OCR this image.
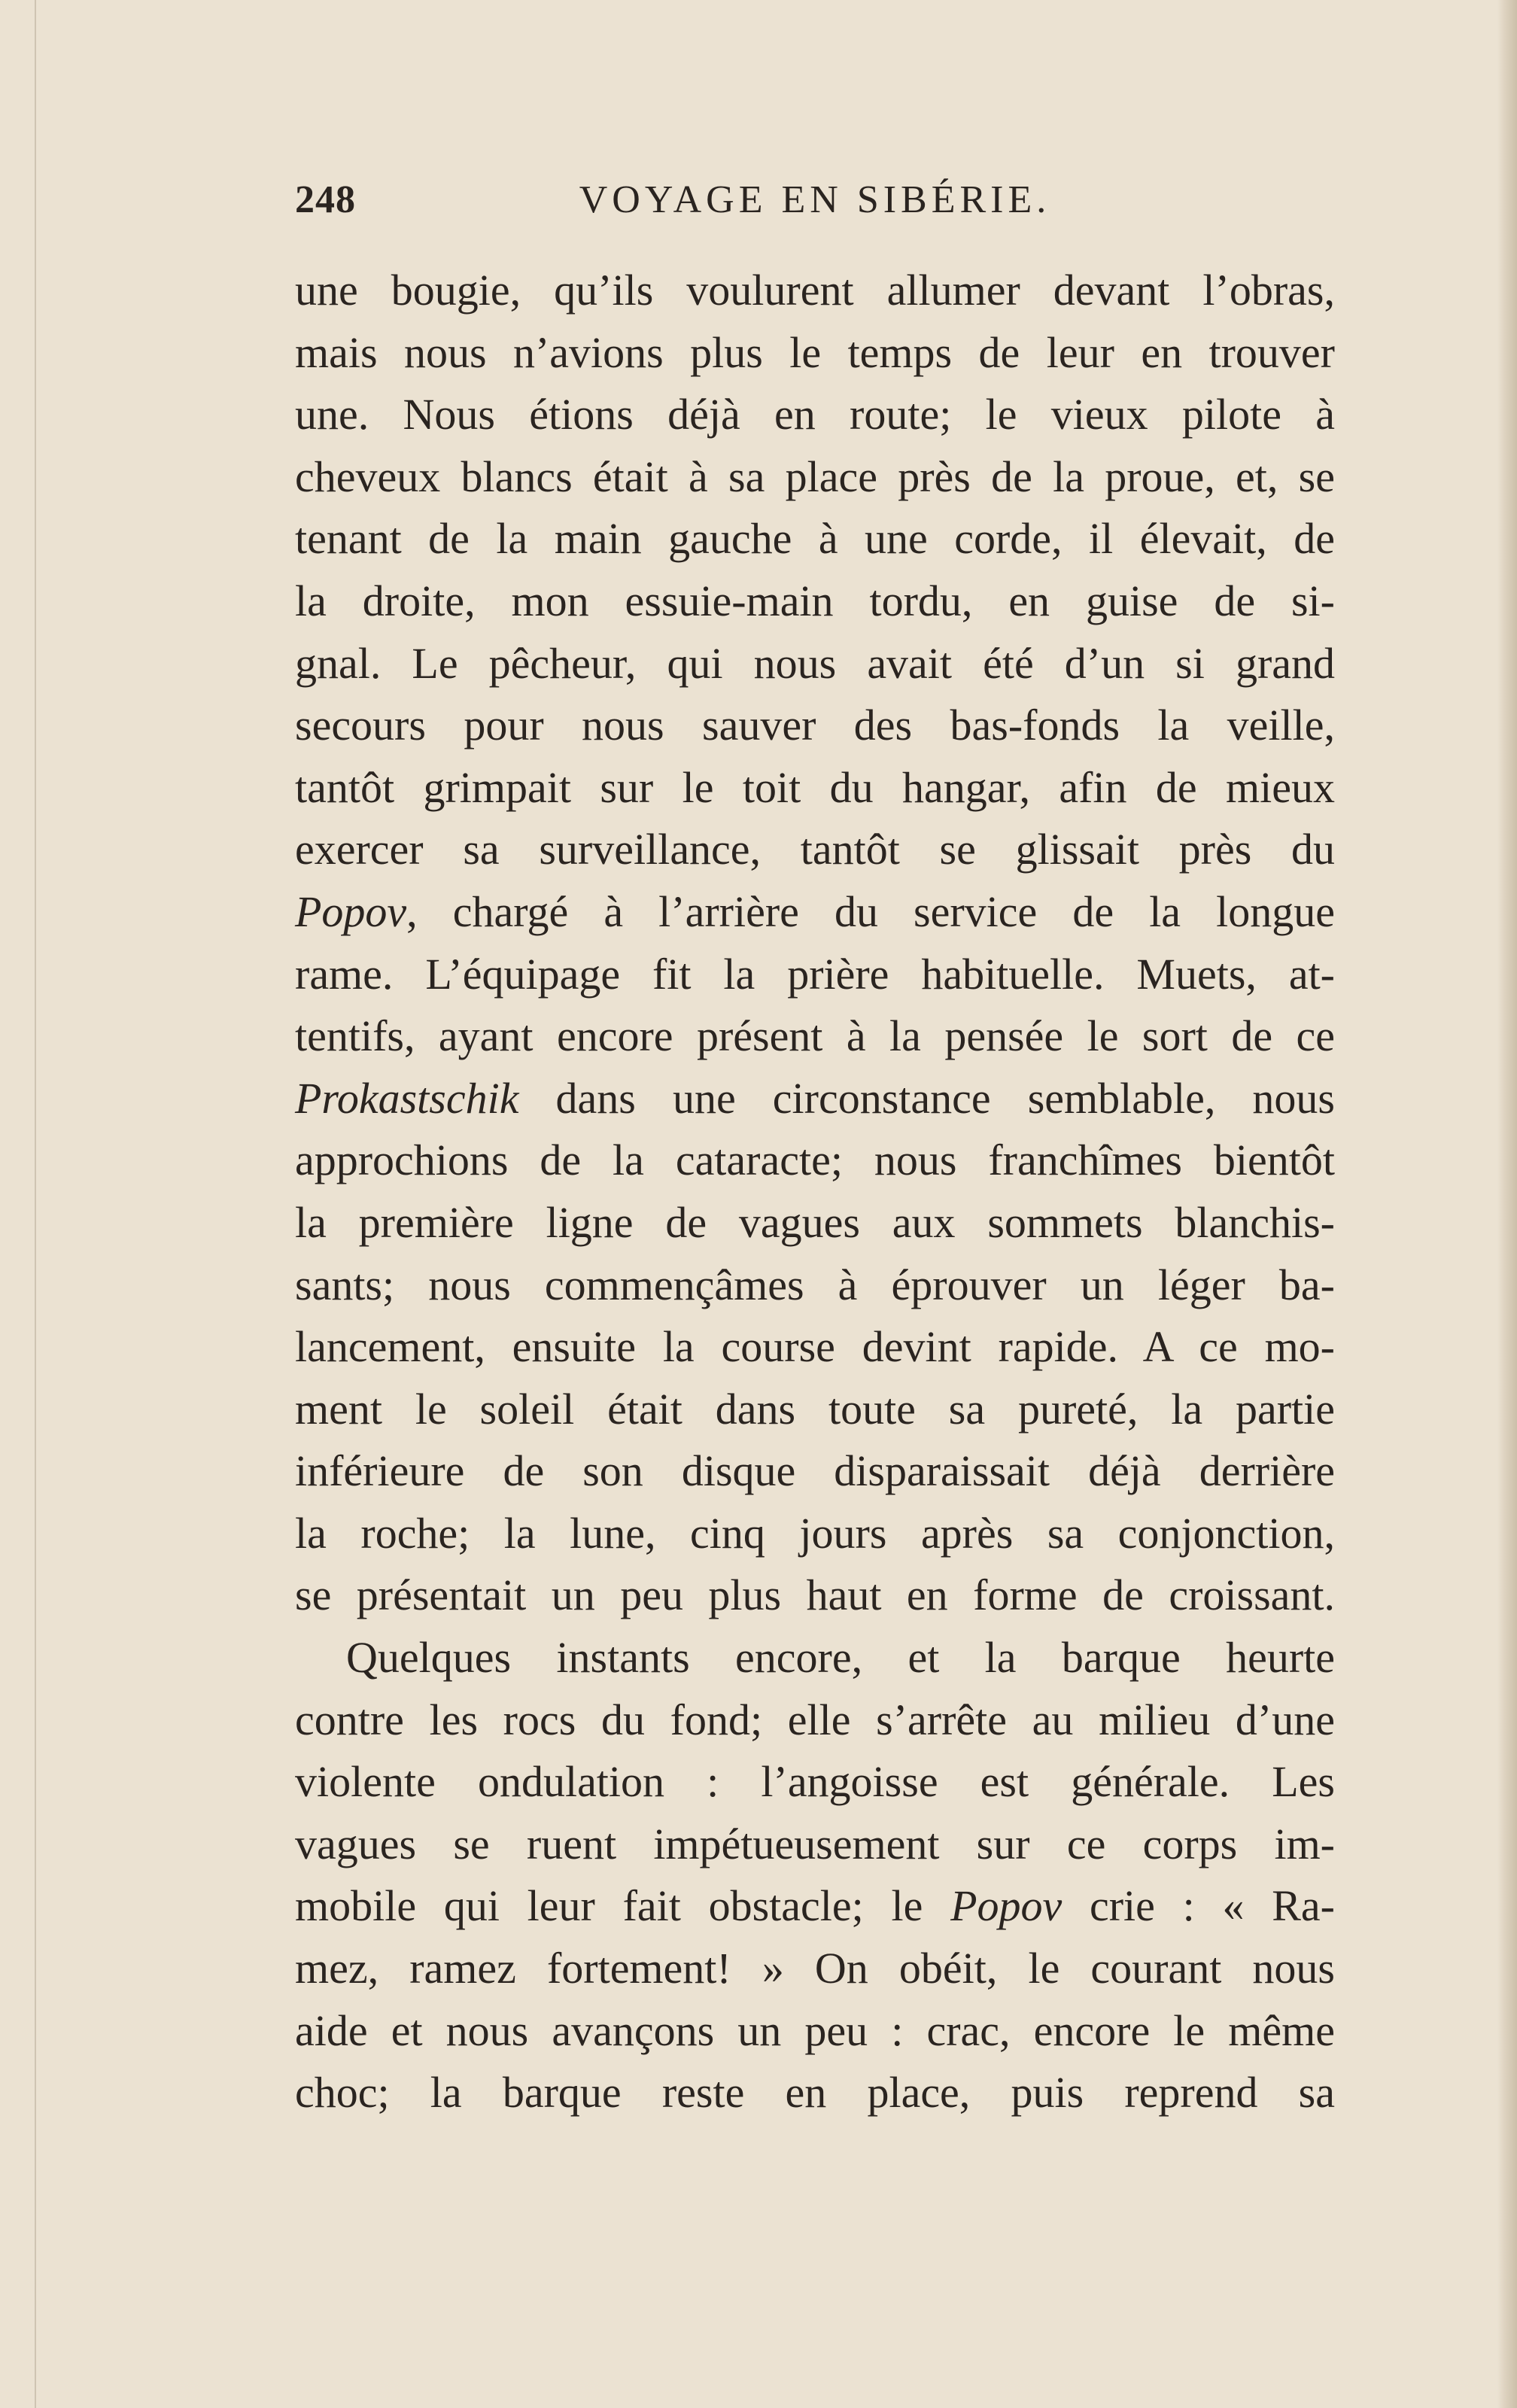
248	VOYAGE EN SIBÉRIE.
une bougie, qu’ils voulurent allumer devant l’obras,
mais nous n’avions plus le temps de leur en trouver
une. Nous étions déjà en route; le vieux pilote à
cheveux blancs était à sa place près de la proue, et, se
tenant de la main gauche à une corde, il élevait, de
la droite, mon essuie-main tordu, en guise de si-
gnal. Le pêcheur, qui nous avait été d’un si grand
secours pour nous sauver des bas-fonds la veille,
tantôt grimpait sur le toit du hangar, afin de mieux
exercer sa surveillance, tantôt se glissait près du
Popov, chargé à l’arrière du service de la longue
rame. L’équipage fit la prière habituelle. Muets, at-
tentifs, ayant encore présent à la pensée le sort de ce
Prokastschik dans une circonstance semblable, nous
approchions de la cataracte; nous franchîmes bientôt
la première ligne de vagues aux sommets blanchis-
sants; nous commençâmes à éprouver un léger ba-
lancement, ensuite la course devint rapide. A ce mo-
ment le soleil était dans toute sa pureté, la partie
inférieure de son disque disparaissait déjà derrière
la roche; la lune, cinq jours après sa conjonction,
se présentait un peu plus haut en forme de croissant.
Quelques instants encore, et la barque heurte
contre les rocs du fond; elle s’arrête au milieu d’une
violente ondulation : l’angoisse est générale. Les
vagues se ruent impétueusement sur ce corps im-
mobile qui leur fait obstacle; le Popov crie : « Ra-
mez, ramez fortement! » On obéit, le courant nous
aide et nous avançons un peu : crac, encore le même
choc; la barque reste en place, puis reprend sa
